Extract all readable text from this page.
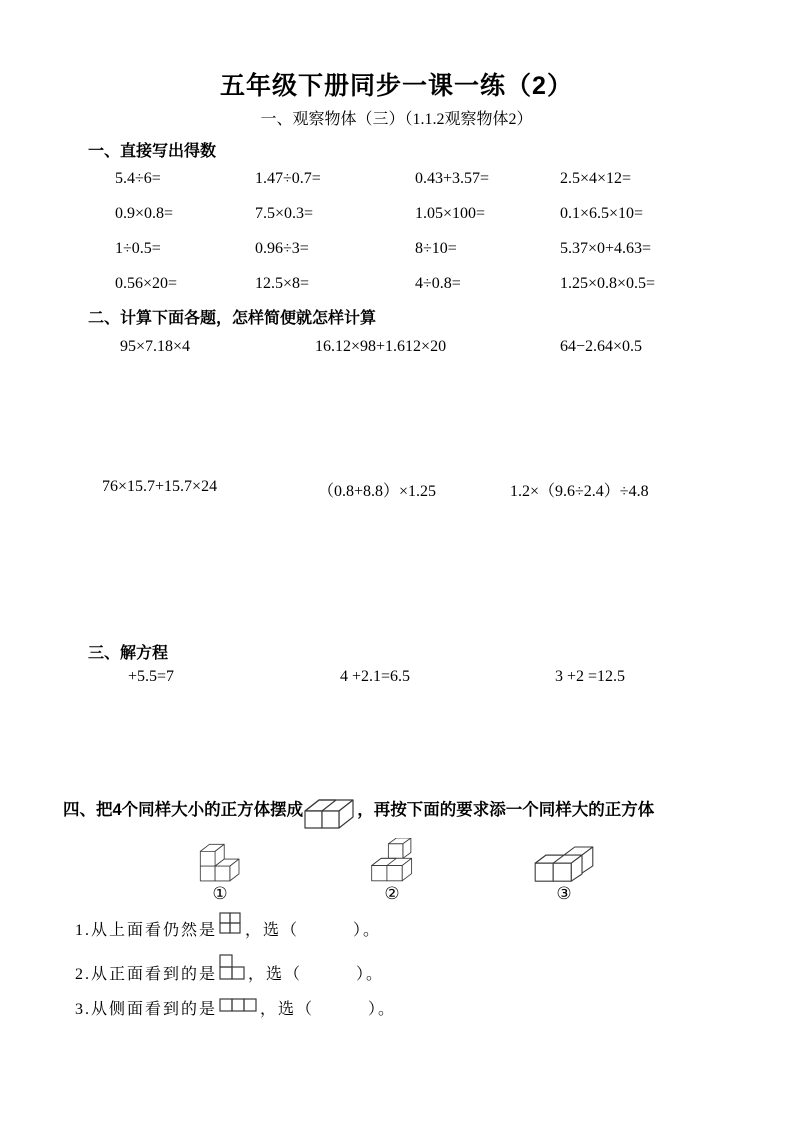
五年级下册同步一课一练（2）
一、观察物体（三）（1.1.2观察物体2）
一、直接写出得数
5.4÷6=	1.47÷0.7=	0.43+3.57=	2.5×4×12=
0.9×0.8=	7.5×0.3=	1.05×100=	0.1×6.5×10=
1÷0.5=	0.96÷3=	8÷10=	5.37×0+4.63=
0.56×20=	12.5×8=	4÷0.8=	1.25×0.8×0.5=
二、计算下面各题，怎样简便就怎样计算
95×7.18×4	16.12×98+1.612×20	64−2.64×0.5
76×15.7+15.7×24	（0.8+8.8）×1.25	1.2×（9.6÷2.4）÷4.8
三、解方程
+5.5=7	4 +2.1=6.5	3 +2 =12.5
四、把4个同样大小的正方体摆成	，再按下面的要求添一个同样大的正方体
①	②	③
1.从上面看仍然是 ，选（　　　）。
2.从正面看到的是 ，选（　　　）。
3.从侧面看到的是	，选（　　　）。
